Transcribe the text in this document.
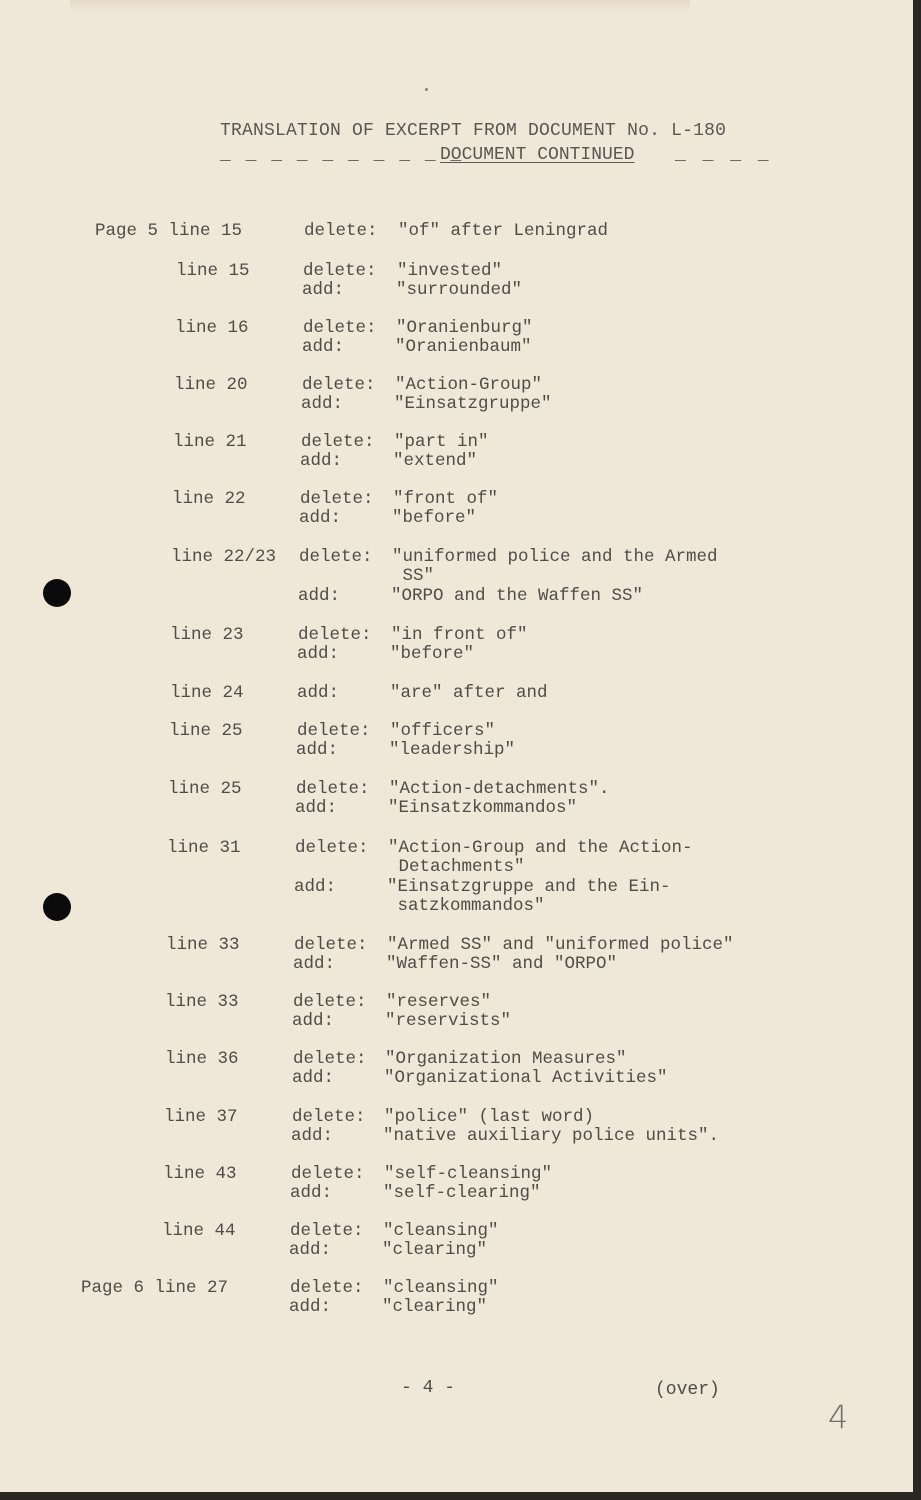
TRANSLATION OF EXCERPT FROM DOCUMENT No. L-180
_ _ _ _ _ _ _ _ _ _
DOCUMENT CONTINUED _ _ _ _
Page 5 line 15	delete: "of" after Leningrad
line 15	delete: "invested"
add:	"surrounded"
line 16	delete: "Oranienburg"
add:	"Oranienbaum"
line 20	delete: "Action-Group"
add:	"Einsatzgruppe"
line 21	delete: "part in"
add:	"extend"
line 22	delete: "front of"
add:	"before"
line 22/23 delete: "uniformed police and the Armed
SS"
add:	"ORPO and the Waffen SS"
line 23	delete: "in front of"
add:	"before"
line 24	add:	"are" after and
line 25	delete: "officers"
add:	"leadership"
line 25	delete: "Action-detachments".
add:	"Einsatzkommandos"
line 31	delete: "Action-Group and the Action-
Detachments"
add:	"Einsatzgruppe and the Ein-
satzkommandos"
line 33	delete: "Armed SS" and "uniformed police"
add:	"Waffen-SS" and "ORPO"
line 33	delete: "reserves"
add:	"reservists"
line 36	delete: "Organization Measures"
add:	"Organizational Activities"
line 37	delete: "police" (last word)
add:	"native auxiliary police units".
line 43	delete: "self-cleansing"
add:	"self-clearing"
line 44	delete: "cleansing"
add:	"clearing"
Page 6 line 27	delete: "cleansing"
add:	"clearing"
- 4 -	(over)
4
